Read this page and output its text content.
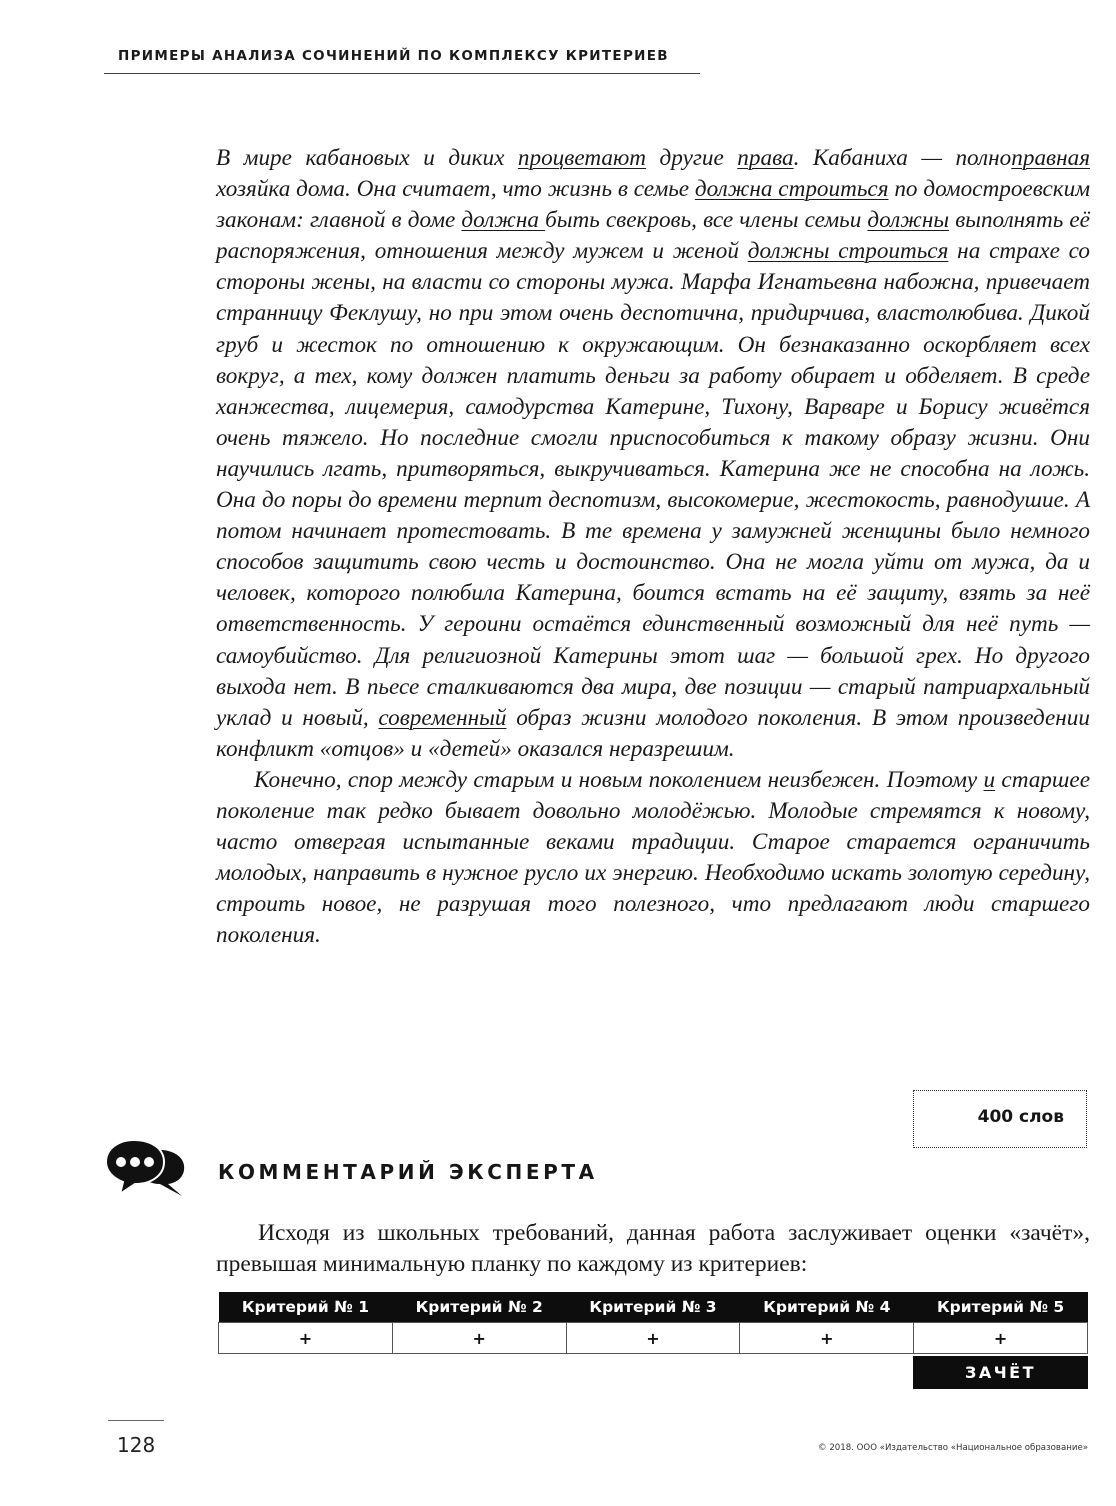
ПРИМЕРЫ АНАЛИЗА СОЧИНЕНИЙ ПО КОМПЛЕКСУ КРИТЕРИЕВ

В мире кабановых и диких процветают другие права. Кабаниха — полноправная хозяйка дома. Она считает, что жизнь в семье должна строиться по домостроевским законам: главной в доме должна быть свекровь, все члены семьи должны выполнять её распоряжения, отношения между мужем и женой должны строиться на страхе со стороны жены, на власти со стороны мужа. Марфа Игнатьевна набожна, привечает странницу Феклушу, но при этом очень деспотична, придирчива, властолюбива. Дикой груб и жесток по отношению к окружающим. Он безнаказанно оскорбляет всех вокруг, а тех, кому должен платить деньги за работу обирает и обделяет. В среде ханжества, лицемерия, самодурства Катерине, Тихону, Варваре и Борису живётся очень тяжело. Но последние смогли приспособиться к такому образу жизни. Они научились лгать, притворяться, выкручиваться. Катерина же не способна на ложь. Она до поры до времени терпит деспотизм, высокомерие, жестокость, равнодушие. А потом начинает протестовать. В те времена у замужней женщины было немного способов защитить свою честь и достоинство. Она не могла уйти от мужа, да и человек, которого полюбила Катерина, боится встать на её защиту, взять за неё ответственность. У героини остаётся единственный возможный для неё путь — самоубийство. Для религиозной Катерины этот шаг — большой грех. Но другого выхода нет. В пьесе сталкиваются два мира, две позиции — старый патриархальный уклад и новый, современный образ жизни молодого поколения. В этом произведении конфликт «отцов» и «детей» оказался неразрешим.

Конечно, спор между старым и новым поколением неизбежен. Поэтому и старшее поколение так редко бывает довольно молодёжью. Молодые стремятся к новому, часто отвергая испытанные веками традиции. Старое старается ограничить молодых, направить в нужное русло их энергию. Необходимо искать золотую середину, строить новое, не разрушая того полезного, что предлагают люди старшего поколения.

400 слов
КОММЕНТАРИЙ ЭКСПЕРТА

Исходя из школьных требований, данная работа заслуживает оценки «зачёт», превышая минимальную планку по каждому из критериев:

Критерий № 1	Критерий № 2	Критерий № 3	Критерий № 4	Критерий № 5
+	+	+	+	+
ЗАЧЁТ
128	© 2018. ООО «Издательство «Национальное образование»
